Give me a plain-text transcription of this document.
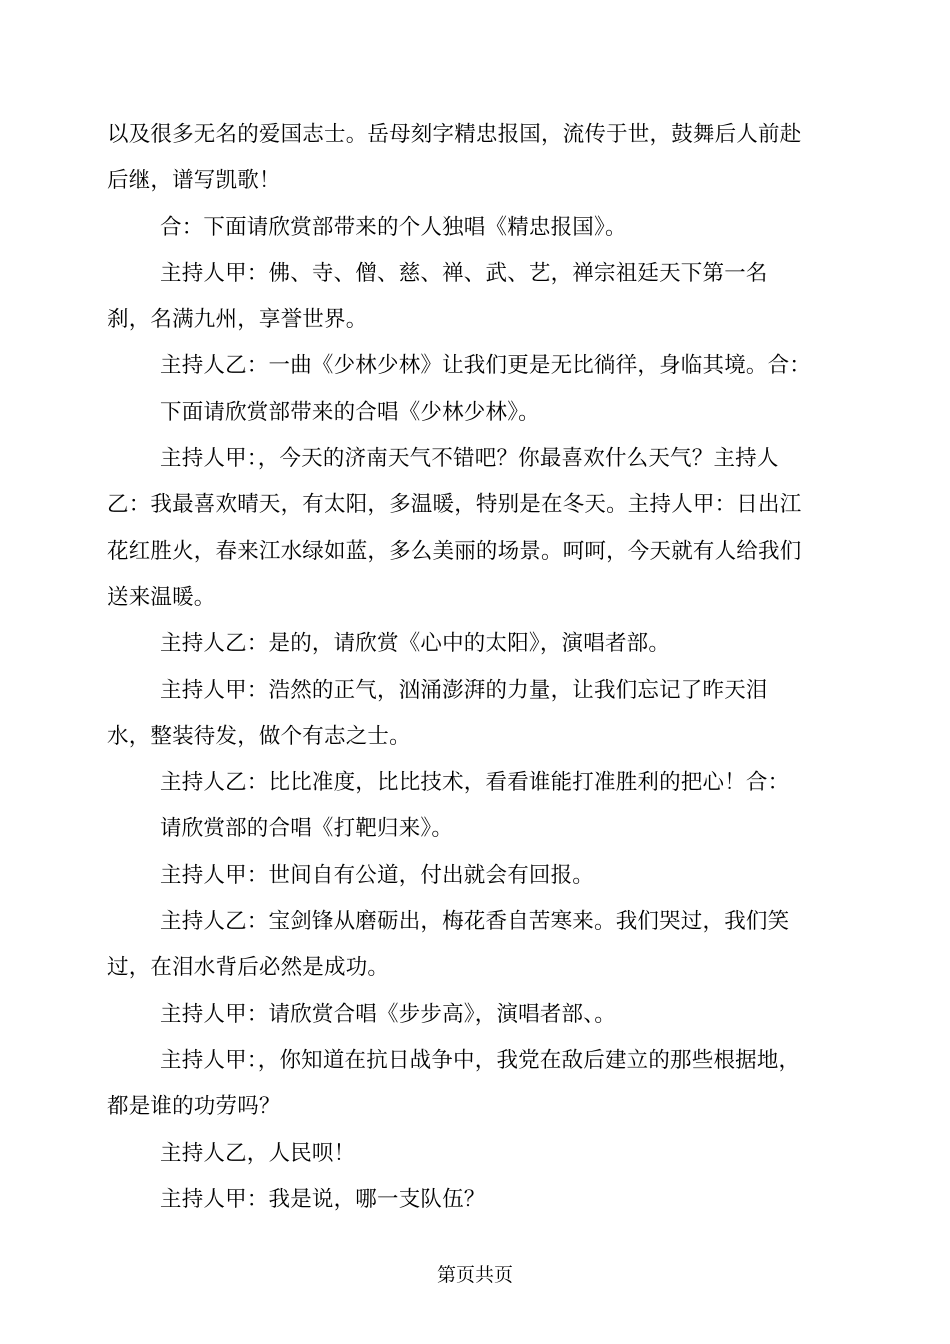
以及很多无名的爱国志士。岳母刻字精忠报国，流传于世，鼓舞后人前赴
后继，谱写凯歌！
合：下面请欣赏部带来的个人独唱《精忠报国》。
主持人甲：佛、寺、僧、慈、禅、武、艺，禅宗祖廷天下第一名
刹，名满九州，享誉世界。
主持人乙：一曲《少林少林》让我们更是无比徜徉，身临其境。合：
下面请欣赏部带来的合唱《少林少林》。
主持人甲：，今天的济南天气不错吧？你最喜欢什么天气？主持人
乙：我最喜欢晴天，有太阳，多温暖，特别是在冬天。主持人甲：日出江
花红胜火，春来江水绿如蓝，多么美丽的场景。呵呵，今天就有人给我们
送来温暖。
主持人乙：是的，请欣赏《心中的太阳》，演唱者部。
主持人甲：浩然的正气，汹涌澎湃的力量，让我们忘记了昨天泪
水，整装待发，做个有志之士。
主持人乙：比比准度，比比技术，看看谁能打准胜利的把心！合：
请欣赏部的合唱《打靶归来》。
主持人甲：世间自有公道，付出就会有回报。
主持人乙：宝剑锋从磨砺出，梅花香自苦寒来。我们哭过，我们笑
过，在泪水背后必然是成功。
主持人甲：请欣赏合唱《步步高》，演唱者部、。
主持人甲：，你知道在抗日战争中，我党在敌后建立的那些根据地，
都是谁的功劳吗？
主持人乙，人民呗！
主持人甲：我是说，哪一支队伍？
第页共页
